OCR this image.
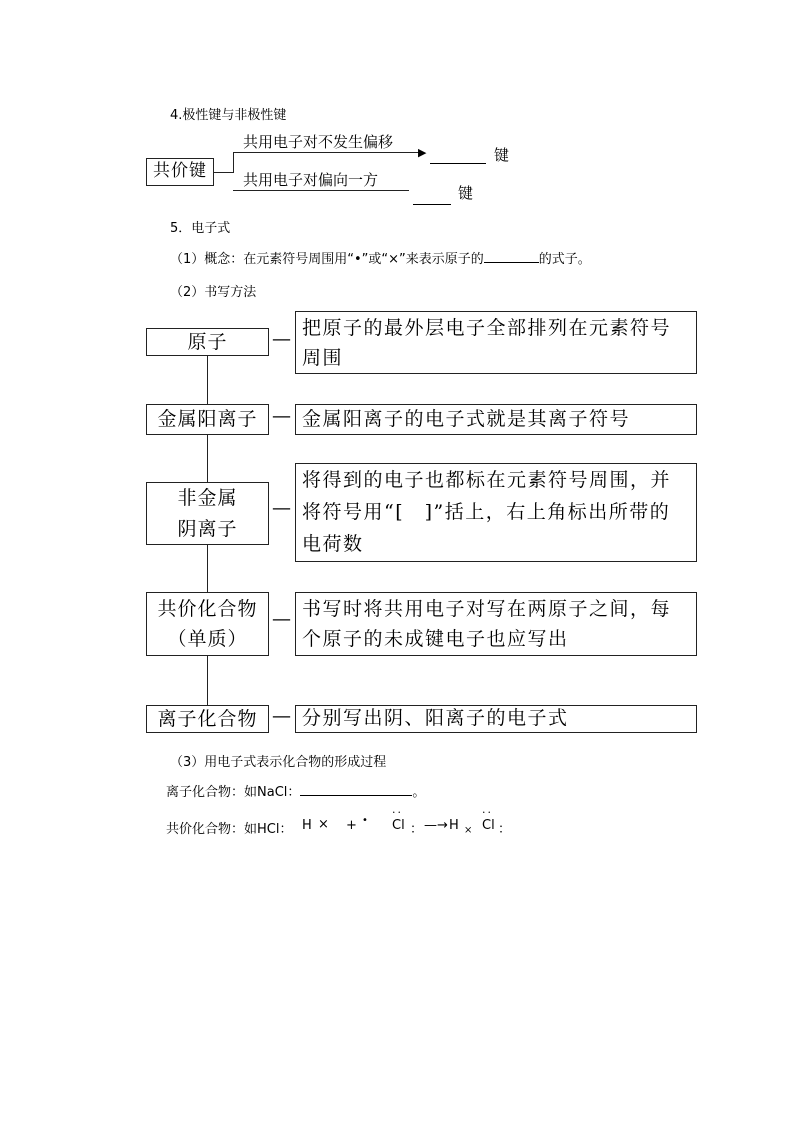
4.极性键与非极性键
共价键
▶
共用电子对不发生偏移
键
共用电子对偏向一方
键
5．电子式
（1）概念：在元素符号周围用“•”或“×”来表示原子的	的式子。
（2）书写方法
原子	— 把原子的最外层电子全部排列在元素符号
周围
金属阳离子 — 金属阳离子的电子式就是其离子符号
非金属
阴离子
—
将得到的电子也都标在元素符号周围，并
将符号用“[　]”括上，右上角标出所带的
电荷数
共价化合物
（单质）
— 书写时将共用电子对写在两原子之间，每
个原子的未成键电子也应写出
离子化合物 — 分别写出阴、阳离子的电子式
（3）用电子式表示化合物的形成过程
离子化合物：如NaCl：	。
共价化合物：如HCl： H × + •
··
Cl ： —→ H ×
··
Cl ：
